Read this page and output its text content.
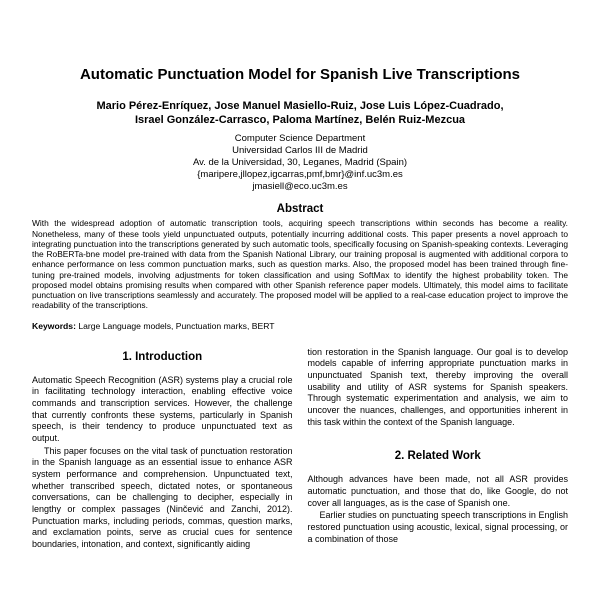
Automatic Punctuation Model for Spanish Live Transcriptions
Mario Pérez-Enríquez, Jose Manuel Masiello-Ruiz, Jose Luis López-Cuadrado,
Israel González-Carrasco, Paloma Martínez, Belén Ruiz-Mezcua
Computer Science Department
Universidad Carlos III de Madrid
Av. de la Universidad, 30, Leganes, Madrid (Spain)
{maripere,jllopez,igcarras,pmf,bmr}@inf.uc3m.es
jmasiell@eco.uc3m.es
Abstract
With the widespread adoption of automatic transcription tools, acquiring speech transcriptions within seconds has become a reality. Nonetheless, many of these tools yield unpunctuated outputs, potentially incurring additional costs. This paper presents a novel approach to integrating punctuation into the transcriptions generated by such automatic tools, specifically focusing on Spanish-speaking contexts. Leveraging the RoBERTa-bne model pre-trained with data from the Spanish National Library, our training proposal is augmented with additional corpora to enhance performance on less common punctuation marks, such as question marks. Also, the proposed model has been trained through fine-tuning pre-trained models, involving adjustments for token classification and using SoftMax to identify the highest probability token. The proposed model obtains promising results when compared with other Spanish reference paper models. Ultimately, this model aims to facilitate punctuation on live transcriptions seamlessly and accurately. The proposed model will be applied to a real-case education project to improve the readability of the transcriptions.
Keywords: Large Language models, Punctuation marks, BERT
1. Introduction

Automatic Speech Recognition (ASR) systems play a crucial role in facilitating technology interaction, enabling effective voice commands and transcription services. However, the challenge that currently confronts these systems, particularly in Spanish speech, is their tendency to produce unpunctuated text as output.

This paper focuses on the vital task of punctuation restoration in the Spanish language as an essential issue to enhance ASR system performance and comprehension. Unpunctuated text, whether transcribed speech, dictated notes, or spontaneous conversations, can be challenging to decipher, especially in lengthy or complex passages (Ninčević and Zanchi, 2012). Punctuation marks, including periods, commas, question marks, and exclamation points, serve as crucial cues for sentence boundaries, intonation, and context, significantly aiding

tion restoration in the Spanish language. Our goal is to develop models capable of inferring appropriate punctuation marks in unpunctuated Spanish text, thereby improving the overall usability and utility of ASR systems for Spanish speakers. Through systematic experimentation and analysis, we aim to uncover the nuances, challenges, and opportunities inherent in this task within the context of the Spanish language.

2. Related Work

Although advances have been made, not all ASR provides automatic punctuation, and those that do, like Google, do not cover all languages, as is the case of Spanish one.

Earlier studies on punctuating speech transcriptions in English restored punctuation using acoustic, lexical, signal processing, or a combination of those
